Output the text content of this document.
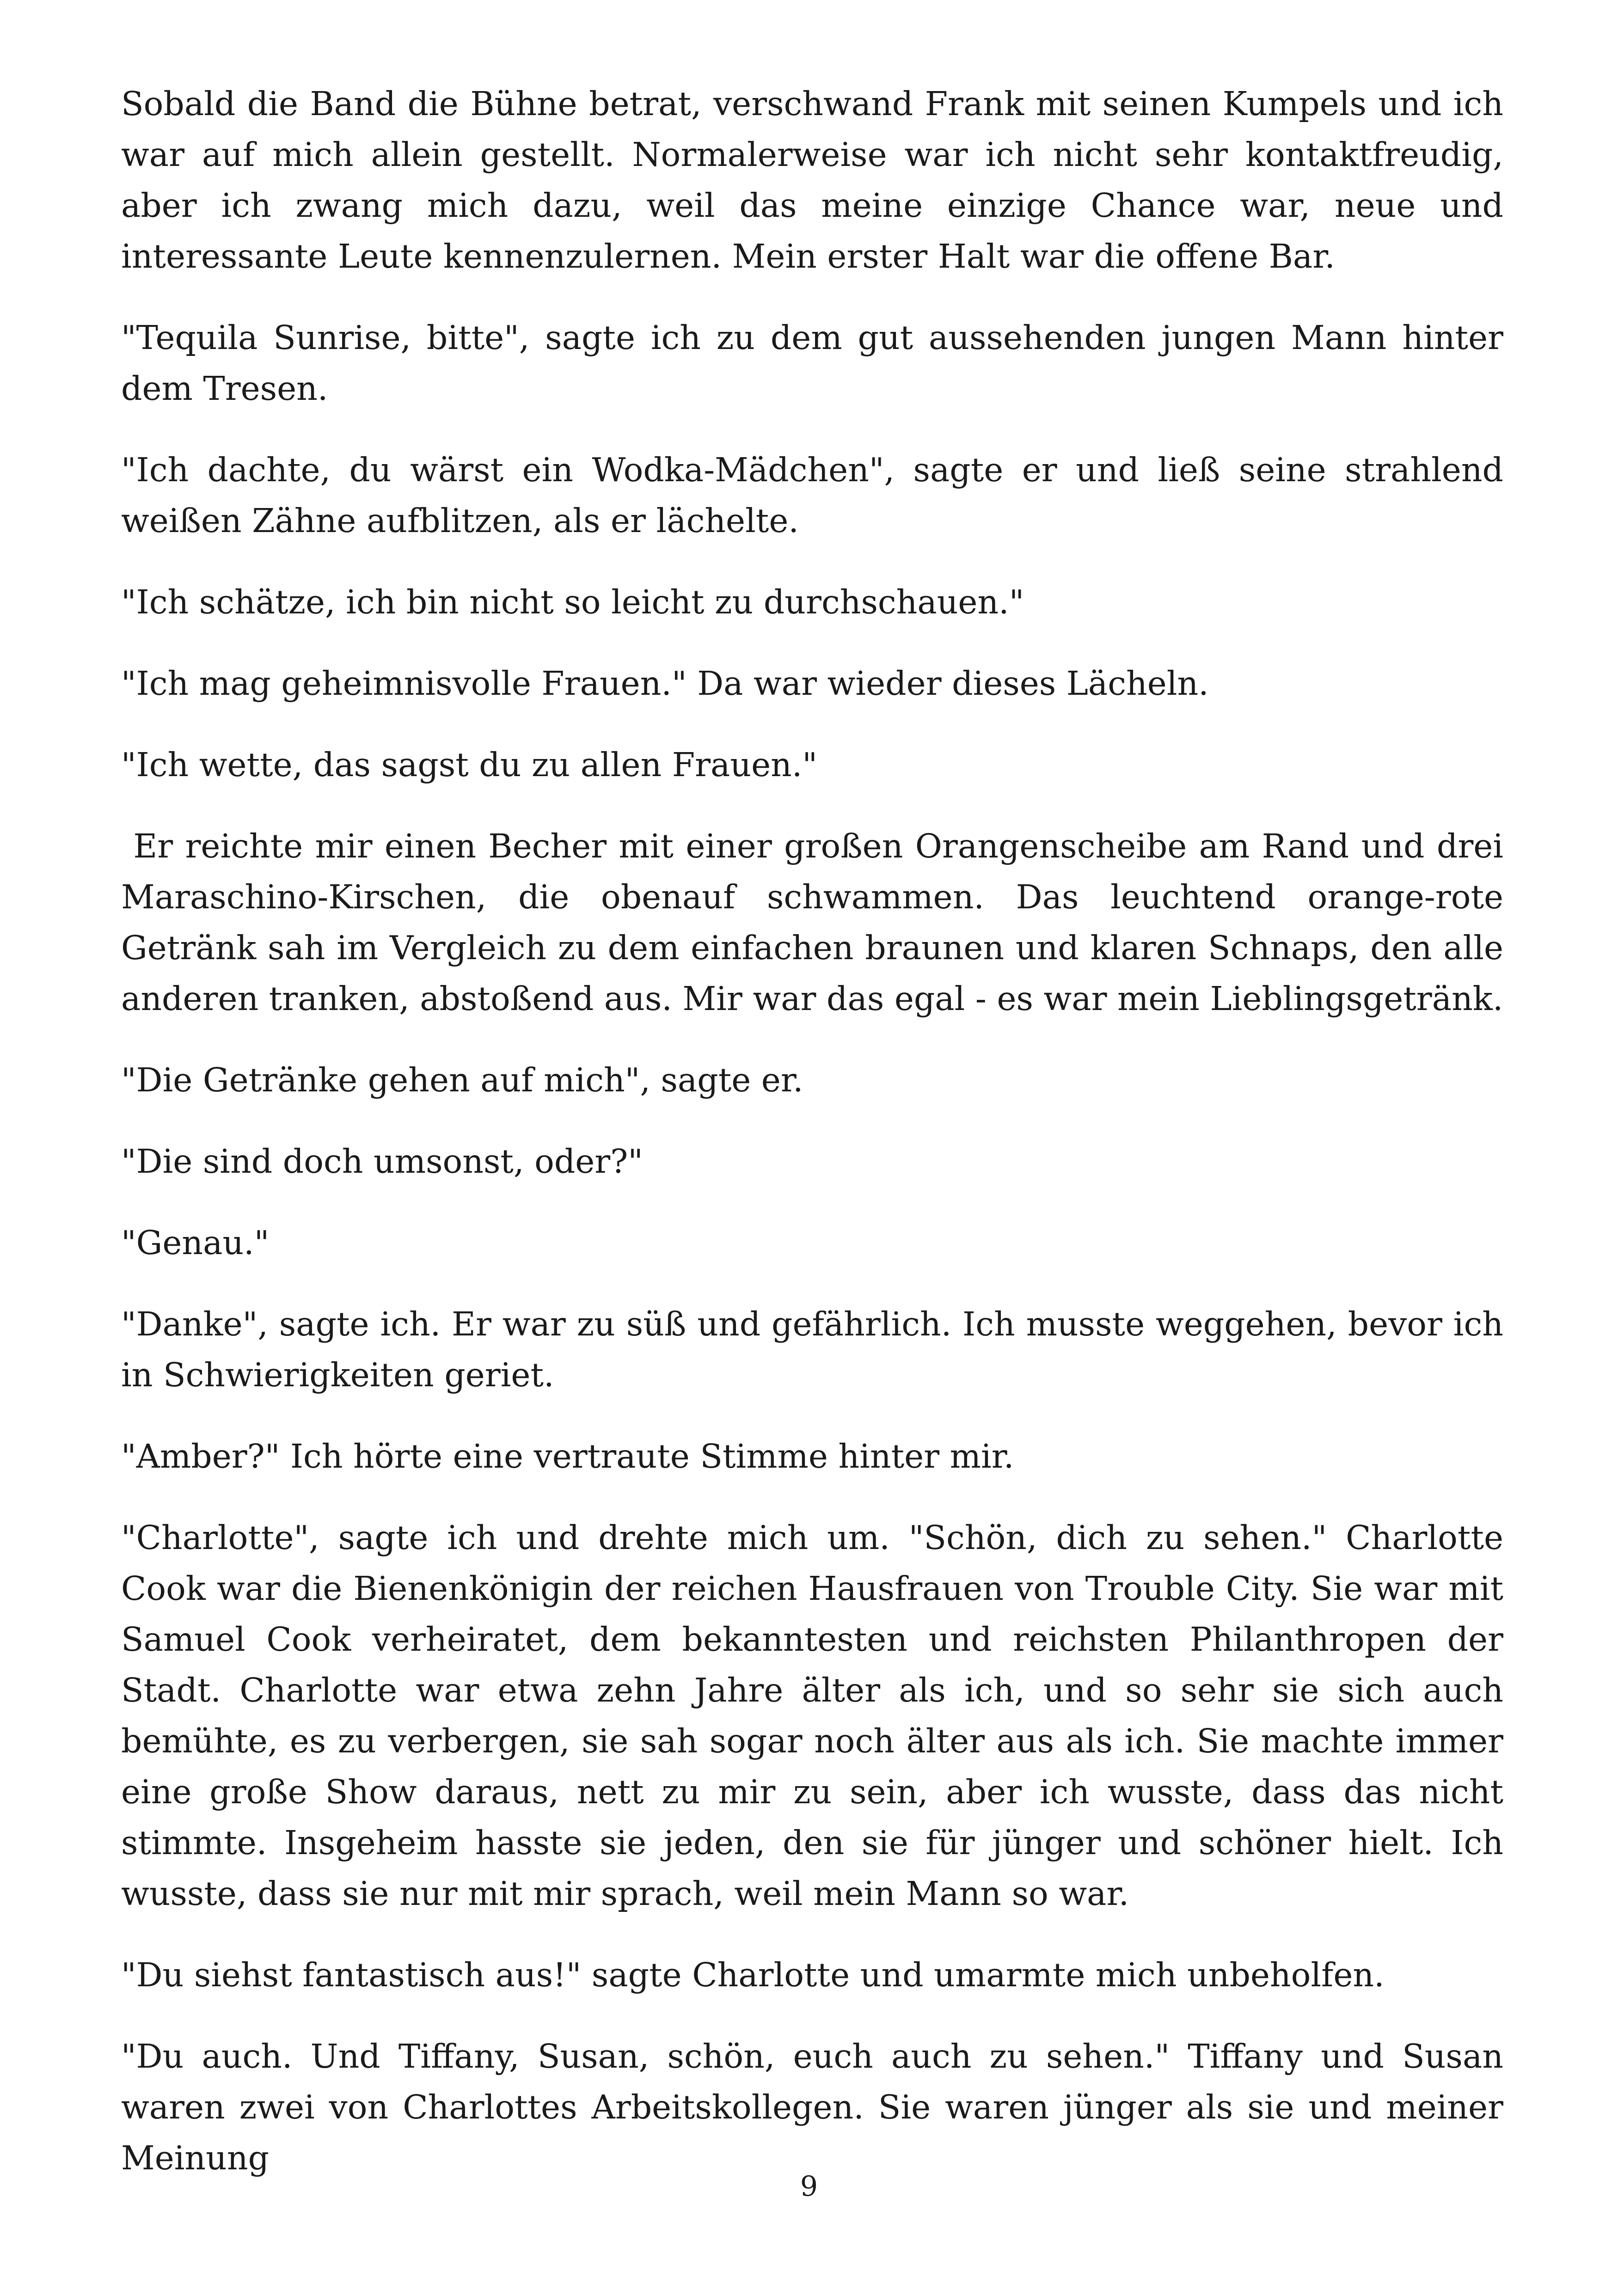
Sobald die Band die Bühne betrat, verschwand Frank mit seinen Kumpels und ich war auf mich allein gestellt. Normalerweise war ich nicht sehr kontaktfreudig, aber ich zwang mich dazu, weil das meine einzige Chance war, neue und interessante Leute kennenzulernen. Mein erster Halt war die offene Bar.

"Tequila Sunrise, bitte", sagte ich zu dem gut aussehenden jungen Mann hinter dem Tresen.

"Ich dachte, du wärst ein Wodka-Mädchen", sagte er und ließ seine strahlend weißen Zähne aufblitzen, als er lächelte.

"Ich schätze, ich bin nicht so leicht zu durchschauen."

"Ich mag geheimnisvolle Frauen." Da war wieder dieses Lächeln.

"Ich wette, das sagst du zu allen Frauen."

Er reichte mir einen Becher mit einer großen Orangenscheibe am Rand und drei Maraschino-Kirschen, die obenauf schwammen. Das leuchtend orange-rote Getränk sah im Vergleich zu dem einfachen braunen und klaren Schnaps, den alle anderen tranken, abstoßend aus. Mir war das egal - es war mein Lieblingsgetränk.

"Die Getränke gehen auf mich", sagte er.

"Die sind doch umsonst, oder?"

"Genau."

"Danke", sagte ich. Er war zu süß und gefährlich. Ich musste weggehen, bevor ich in Schwierigkeiten geriet.

"Amber?" Ich hörte eine vertraute Stimme hinter mir.

"Charlotte", sagte ich und drehte mich um. "Schön, dich zu sehen." Charlotte Cook war die Bienenkönigin der reichen Hausfrauen von Trouble City. Sie war mit Samuel Cook verheiratet, dem bekanntesten und reichsten Philanthropen der Stadt. Charlotte war etwa zehn Jahre älter als ich, und so sehr sie sich auch bemühte, es zu verbergen, sie sah sogar noch älter aus als ich. Sie machte immer eine große Show daraus, nett zu mir zu sein, aber ich wusste, dass das nicht stimmte. Insgeheim hasste sie jeden, den sie für jünger und schöner hielt. Ich wusste, dass sie nur mit mir sprach, weil mein Mann so war.

"Du siehst fantastisch aus!" sagte Charlotte und umarmte mich unbeholfen.

"Du auch. Und Tiffany, Susan, schön, euch auch zu sehen." Tiffany und Susan waren zwei von Charlottes Arbeitskollegen. Sie waren jünger als sie und meiner Meinung

9
